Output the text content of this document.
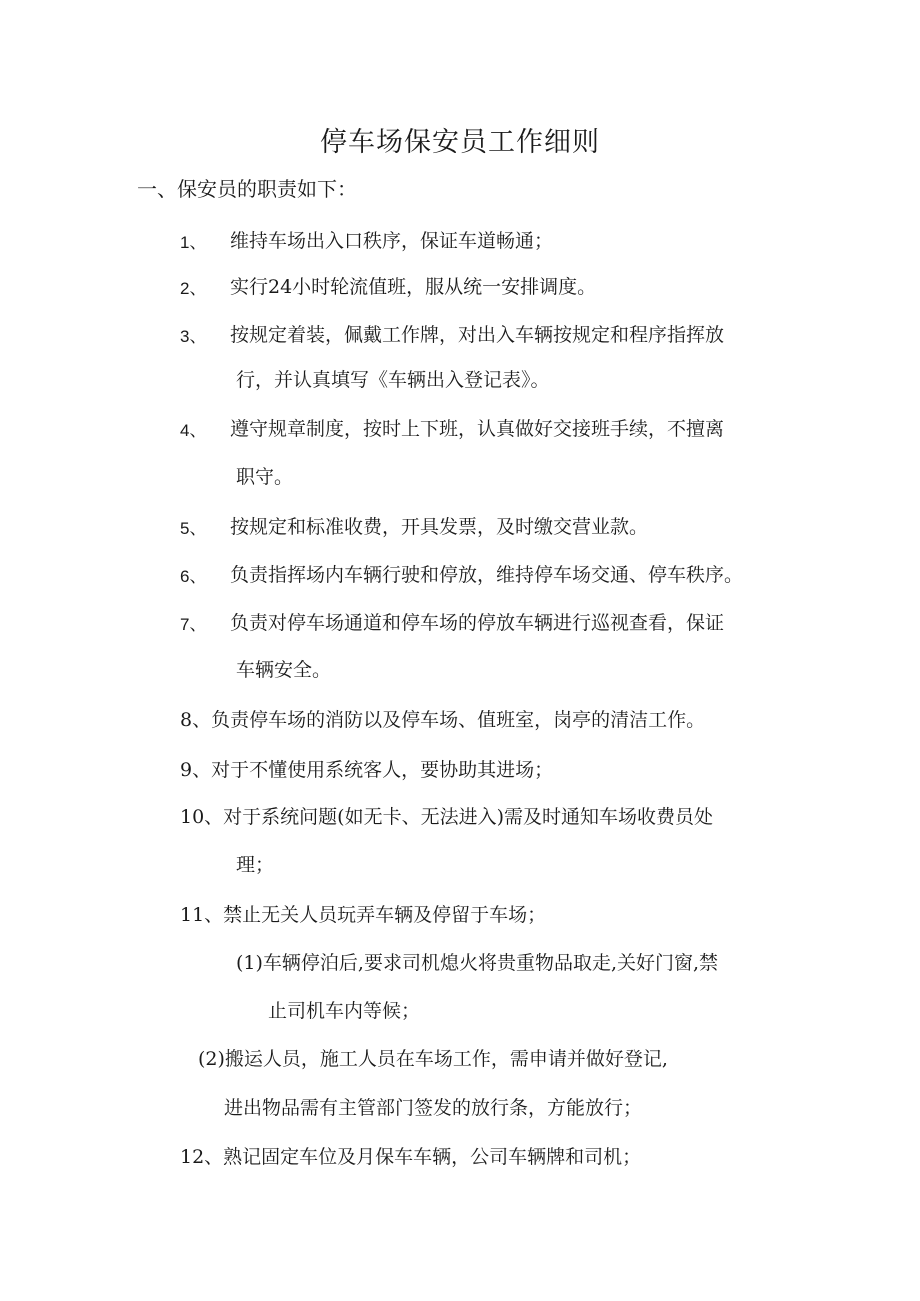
停车场保安员工作细则
一、保安员的职责如下：
1、 维持车场出入口秩序，保证车道畅通；
2、 实行24小时轮流值班，服从统一安排调度。
3、 按规定着装，佩戴工作牌，对出入车辆按规定和程序指挥放
行，并认真填写《车辆出入登记表》。
4、 遵守规章制度，按时上下班，认真做好交接班手续，不擅离
职守。
5、 按规定和标准收费，开具发票，及时缴交营业款。
6、 负责指挥场内车辆行驶和停放，维持停车场交通、停车秩序。
7、 负责对停车场通道和停车场的停放车辆进行巡视查看，保证
车辆安全。
8、负责停车场的消防以及停车场、值班室，岗亭的清洁工作。
9、对于不懂使用系统客人，要协助其进场；
10、对于系统问题(如无卡、无法进入)需及时通知车场收费员处
理；
11、禁止无关人员玩弄车辆及停留于车场；
(1)车辆停泊后,要求司机熄火将贵重物品取走,关好门窗,禁
止司机车内等候；
(2)搬运人员，施工人员在车场工作，需申请并做好登记,
进出物品需有主管部门签发的放行条，方能放行；
12、熟记固定车位及月保车车辆，公司车辆牌和司机；
